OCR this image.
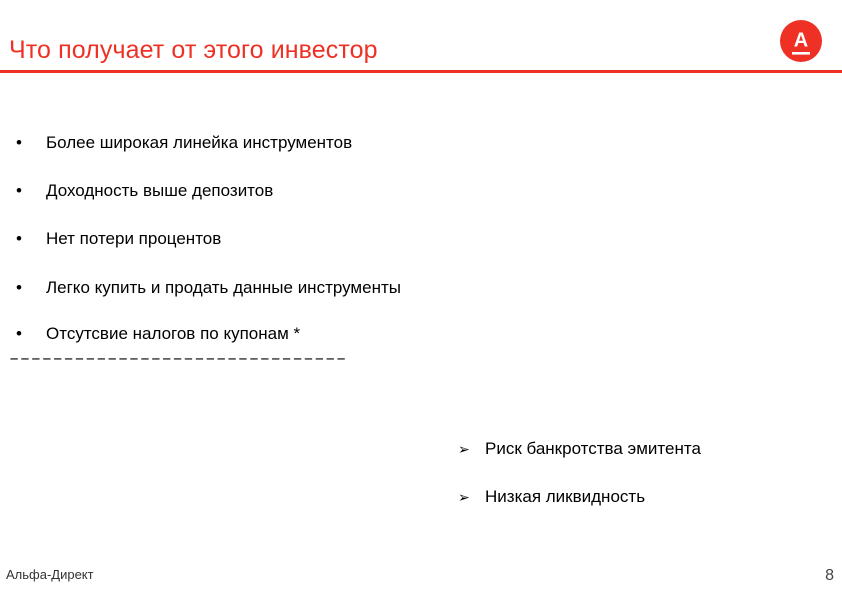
Что получает от этого инвестор	А
• Более широкая линейка инструментов
• Доходность выше депозитов
• Нет потери процентов
• Легко купить и продать данные инструменты
• Отсутсвие налогов по купонам *
–––––––––––––––––––––––––––––––
➢ Риск банкротства эмитента
➢ Низкая ликвидность
Альфа-Директ	8
